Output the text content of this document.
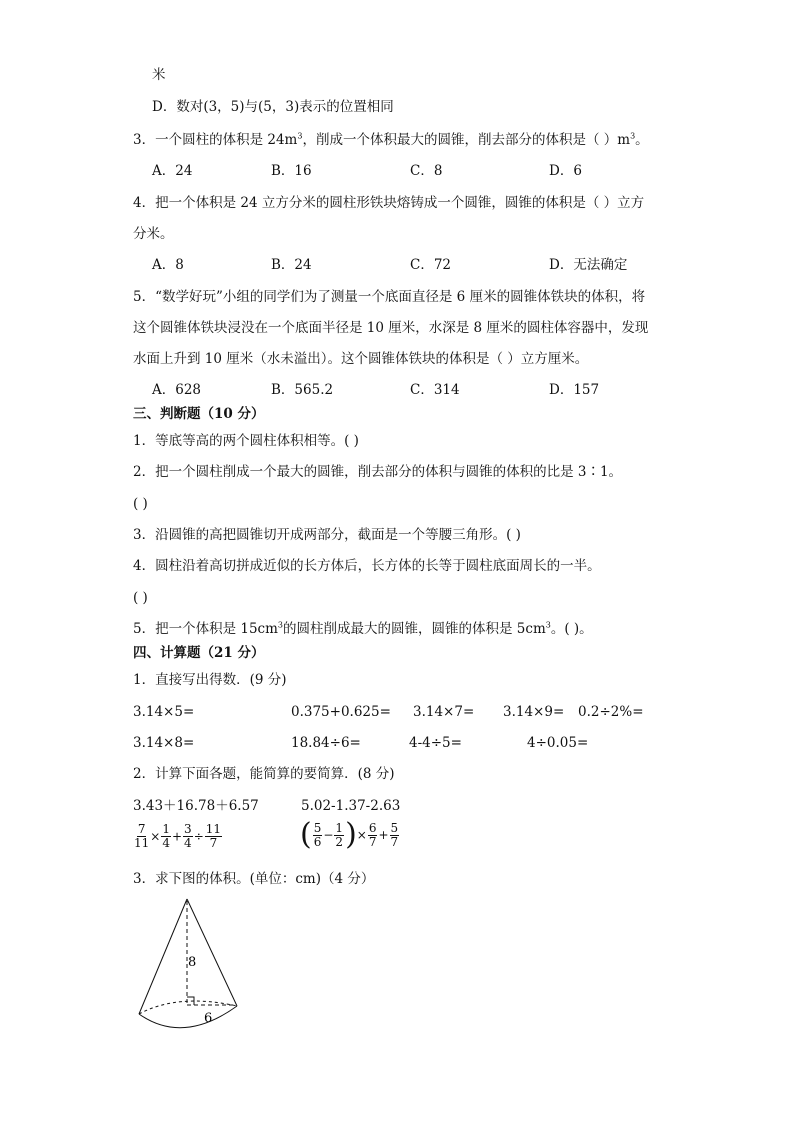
米
D．数对(3，5)与(5，3)表示的位置相同
3．一个圆柱的体积是 $24m^3$，削成一个体积最大的圆锥，削去部分的体积是（ ）$m^3$。
A．24	B．16	C．8	D．6
4．把一个体积是 24 立方分米的圆柱形铁块熔铸成一个圆锥，圆锥的体积是（ ）立方
分米。
A．8	B．24	C．72	D．无法确定
5．“数学好玩”小组的同学们为了测量一个底面直径是 6 厘米的圆锥体铁块的体积，将
这个圆锥体铁块浸没在一个底面半径是 10 厘米，水深是 8 厘米的圆柱体容器中，发现
水面上升到 10 厘米（水未溢出）。这个圆锥体铁块的体积是（ ）立方厘米。
A．628	B．565.2	C．314	D．157
三、判断题（10 分）
1．等底等高的两个圆柱体积相等。( )
2．把一个圆柱削成一个最大的圆锥，削去部分的体积与圆锥的体积的比是 3∶1。
( )
3．沿圆锥的高把圆锥切开成两部分，截面是一个等腰三角形。( )
4．圆柱沿着高切拼成近似的长方体后，长方体的长等于圆柱底面周长的一半。
( )
5．把一个体积是 $15cm^3$的圆柱削成最大的圆锥，圆锥的体积是 $5cm^3$。( )。
四、计算题（21 分）
1．直接写出得数．(9 分)
3.14×5=	0.375+0.625= 3.14×7= 3.14×9= 0.2÷2%=
3.14×8=	18.84÷6=	4-4÷5=	4÷0.05=
2．计算下面各题，能简算的要简算．(8 分)
3.43＋16.78＋6.57	5.02-1.37-2.63
$\frac{7}{11} \times \frac{1}{4} + \frac{3}{4} \div \frac{11}{7}$	( $\frac{5}{6} - \frac{1}{2}$ )× $\frac{6}{7} + \frac{5}{7}$
3．求下图的体积。(单位：cm)（4 分）
8
6
